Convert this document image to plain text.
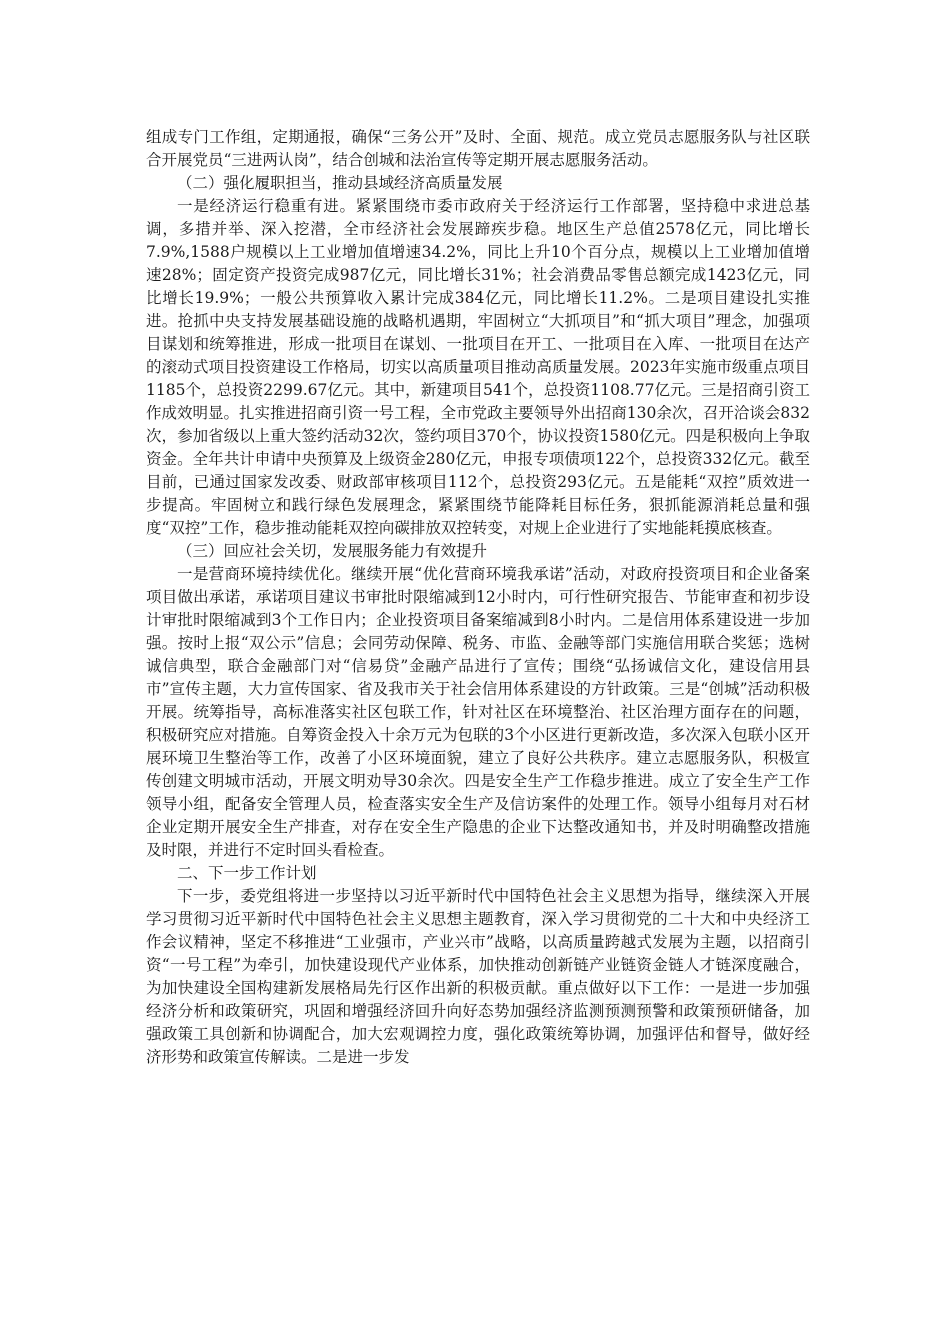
组成专门工作组，定期通报，确保“三务公开”及时、全面、规范。成立党员志愿服务队与社区联合开展党员“三进两认岗”，结合创城和法治宣传等定期开展志愿服务活动。

（二）强化履职担当，推动县域经济高质量发展

一是经济运行稳重有进。紧紧围绕市委市政府关于经济运行工作部署，坚持稳中求进总基调，多措并举、深入挖潜，全市经济社会发展蹄疾步稳。地区生产总值2578亿元，同比增长7.9%,1588户规模以上工业增加值增速34.2%，同比上升10个百分点，规模以上工业增加值增速28%；固定资产投资完成987亿元，同比增长31%；社会消费品零售总额完成1423亿元，同比增长19.9%；一般公共预算收入累计完成384亿元，同比增长11.2%。二是项目建设扎实推进。抢抓中央支持发展基础设施的战略机遇期，牢固树立“大抓项目”和“抓大项目”理念，加强项目谋划和统筹推进，形成一批项目在谋划、一批项目在开工、一批项目在入库、一批项目在达产的滚动式项目投资建设工作格局，切实以高质量项目推动高质量发展。2023年实施市级重点项目1185个，总投资2299.67亿元。其中，新建项目541个，总投资1108.77亿元。三是招商引资工作成效明显。扎实推进招商引资一号工程，全市党政主要领导外出招商130余次，召开洽谈会832次，参加省级以上重大签约活动32次，签约项目370个，协议投资1580亿元。四是积极向上争取资金。全年共计申请中央预算及上级资金280亿元，申报专项债项122个，总投资332亿元。截至目前，已通过国家发改委、财政部审核项目112个，总投资293亿元。五是能耗“双控”质效进一步提高。牢固树立和践行绿色发展理念，紧紧围绕节能降耗目标任务，狠抓能源消耗总量和强度“双控”工作，稳步推动能耗双控向碳排放双控转变，对规上企业进行了实地能耗摸底核查。

（三）回应社会关切，发展服务能力有效提升

一是营商环境持续优化。继续开展“优化营商环境我承诺”活动，对政府投资项目和企业备案项目做出承诺，承诺项目建议书审批时限缩减到12小时内，可行性研究报告、节能审查和初步设计审批时限缩减到3个工作日内；企业投资项目备案缩减到8小时内。二是信用体系建设进一步加强。按时上报“双公示”信息；会同劳动保障、税务、市监、金融等部门实施信用联合奖惩；选树诚信典型，联合金融部门对“信易贷”金融产品进行了宣传；围绕“弘扬诚信文化，建设信用县市”宣传主题，大力宣传国家、省及我市关于社会信用体系建设的方针政策。三是“创城”活动积极开展。统筹指导，高标准落实社区包联工作，针对社区在环境整治、社区治理方面存在的问题，积极研究应对措施。自筹资金投入十余万元为包联的3个小区进行更新改造，多次深入包联小区开展环境卫生整治等工作，改善了小区环境面貌，建立了良好公共秩序。建立志愿服务队，积极宣传创建文明城市活动，开展文明劝导30余次。四是安全生产工作稳步推进。成立了安全生产工作领导小组，配备安全管理人员，检查落实安全生产及信访案件的处理工作。领导小组每月对石材企业定期开展安全生产排查，对存在安全生产隐患的企业下达整改通知书，并及时明确整改措施及时限，并进行不定时回头看检查。

二、下一步工作计划

下一步，委党组将进一步坚持以习近平新时代中国特色社会主义思想为指导，继续深入开展学习贯彻习近平新时代中国特色社会主义思想主题教育，深入学习贯彻党的二十大和中央经济工作会议精神，坚定不移推进“工业强市，产业兴市”战略，以高质量跨越式发展为主题，以招商引资“一号工程”为牵引，加快建设现代产业体系，加快推动创新链产业链资金链人才链深度融合，为加快建设全国构建新发展格局先行区作出新的积极贡献。重点做好以下工作：一是进一步加强经济分析和政策研究，巩固和增强经济回升向好态势加强经济监测预测预警和政策预研储备，加强政策工具创新和协调配合，加大宏观调控力度，强化政策统筹协调，加强评估和督导，做好经济形势和政策宣传解读。二是进一步发
